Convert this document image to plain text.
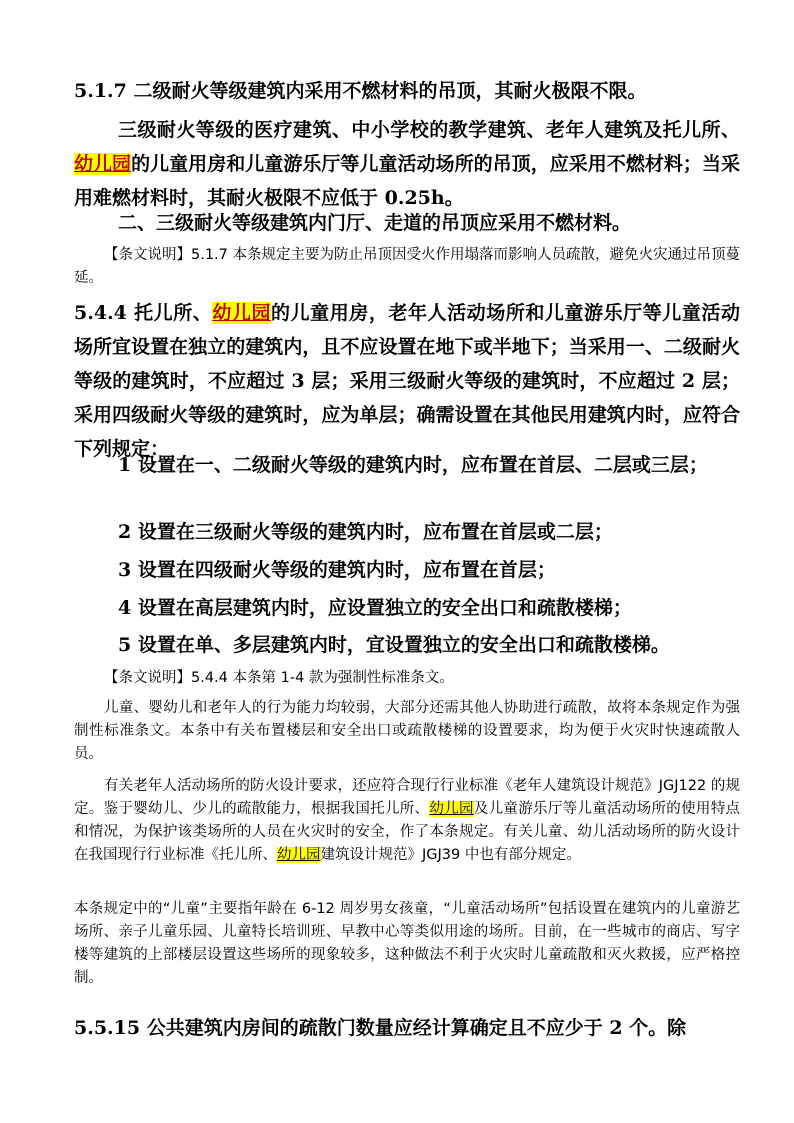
5.1.7 二级耐火等级建筑内采用不燃材料的吊顶，其耐火极限不限。
三级耐火等级的医疗建筑、中小学校的教学建筑、老年人建筑及托儿所、幼儿园的儿童用房和儿童游乐厅等儿童活动场所的吊顶，应采用不燃材料；当采用难燃材料时，其耐火极限不应低于 0.25h。
二、三级耐火等级建筑内门厅、走道的吊顶应采用不燃材料。
【条文说明】5.1.7 本条规定主要为防止吊顶因受火作用塌落而影响人员疏散，避免火灾通过吊顶蔓延。
5.4.4 托儿所、幼儿园的儿童用房，老年人活动场所和儿童游乐厅等儿童活动场所宜设置在独立的建筑内，且不应设置在地下或半地下；当采用一、二级耐火等级的建筑时，不应超过 3 层；采用三级耐火等级的建筑时，不应超过 2 层；采用四级耐火等级的建筑时，应为单层；确需设置在其他民用建筑内时，应符合下列规定：
1 设置在一、二级耐火等级的建筑内时，应布置在首层、二层或三层；
2 设置在三级耐火等级的建筑内时，应布置在首层或二层；
3 设置在四级耐火等级的建筑内时，应布置在首层；
4 设置在高层建筑内时，应设置独立的安全出口和疏散楼梯；
5 设置在单、多层建筑内时，宜设置独立的安全出口和疏散楼梯。
【条文说明】5.4.4 本条第 1-4 款为强制性标准条文。
儿童、婴幼儿和老年人的行为能力均较弱，大部分还需其他人协助进行疏散，故将本条规定作为强制性标准条文。本条中有关布置楼层和安全出口或疏散楼梯的设置要求，均为便于火灾时快速疏散人员。
有关老年人活动场所的防火设计要求，还应符合现行行业标准《老年人建筑设计规范》JGJ122 的规定。鉴于婴幼儿、少儿的疏散能力，根据我国托儿所、幼儿园及儿童游乐厅等儿童活动场所的使用特点和情况，为保护该类场所的人员在火灾时的安全，作了本条规定。有关儿童、幼儿活动场所的防火设计在我国现行行业标准《托儿所、幼儿园建筑设计规范》JGJ39 中也有部分规定。
本条规定中的“儿童”主要指年龄在 6-12 周岁男女孩童，“儿童活动场所”包括设置在建筑内的儿童游艺场所、亲子儿童乐园、儿童特长培训班、早教中心等类似用途的场所。目前，在一些城市的商店、写字楼等建筑的上部楼层设置这些场所的现象较多，这种做法不利于火灾时儿童疏散和灭火救援，应严格控制。
5.5.15 公共建筑内房间的疏散门数量应经计算确定且不应少于 2 个。除
